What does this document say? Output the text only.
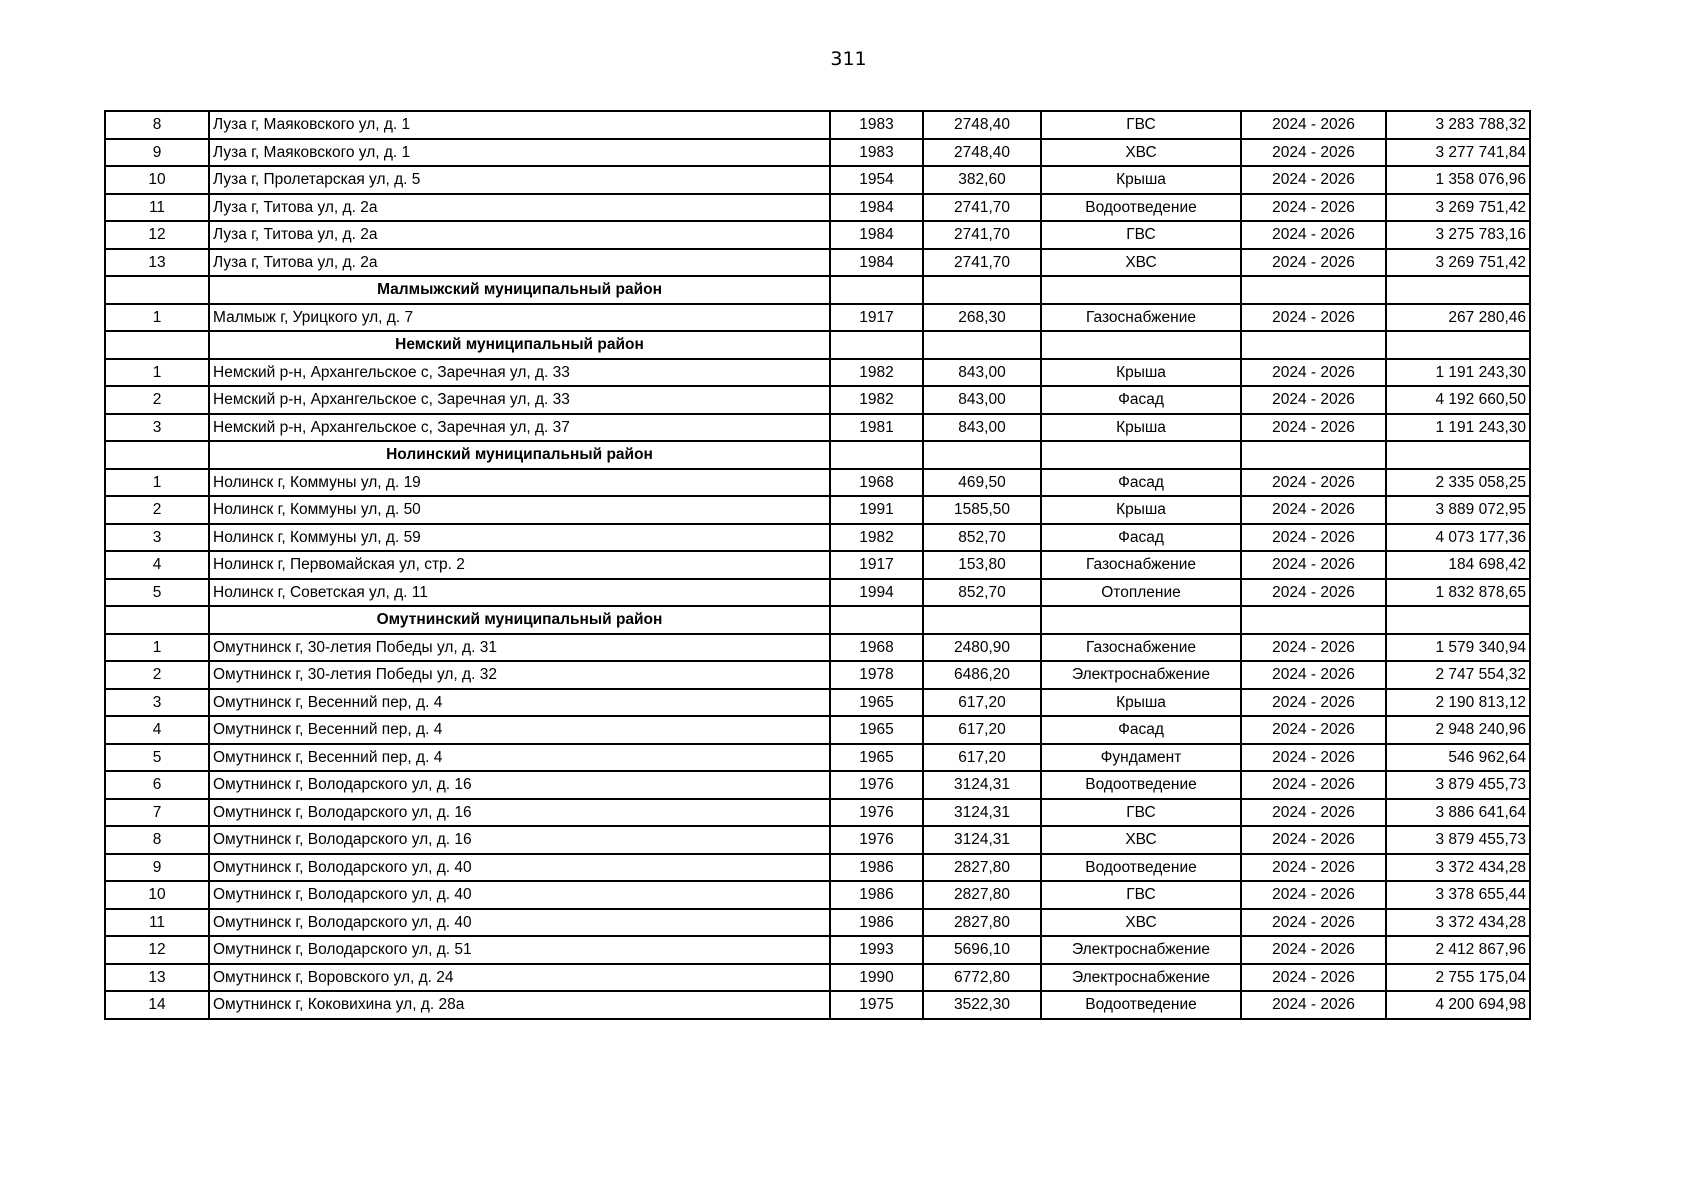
311
8	Луза г, Маяковского ул, д. 1	1983	2748,40	ГВС	2024 - 2026	3 283 788,32
9	Луза г, Маяковского ул, д. 1	1983	2748,40	ХВС	2024 - 2026	3 277 741,84
10	Луза г, Пролетарская ул, д. 5	1954	382,60	Крыша	2024 - 2026	1 358 076,96
11	Луза г, Титова ул, д. 2а	1984	2741,70	Водоотведение	2024 - 2026	3 269 751,42
12	Луза г, Титова ул, д. 2а	1984	2741,70	ГВС	2024 - 2026	3 275 783,16
13	Луза г, Титова ул, д. 2а	1984	2741,70	ХВС	2024 - 2026	3 269 751,42
	Малмыжский муниципальный район					
1	Малмыж г, Урицкого ул, д. 7	1917	268,30	Газоснабжение	2024 - 2026	267 280,46
	Немский муниципальный район					
1	Немский р-н, Архангельское с, Заречная ул, д. 33	1982	843,00	Крыша	2024 - 2026	1 191 243,30
2	Немский р-н, Архангельское с, Заречная ул, д. 33	1982	843,00	Фасад	2024 - 2026	4 192 660,50
3	Немский р-н, Архангельское с, Заречная ул, д. 37	1981	843,00	Крыша	2024 - 2026	1 191 243,30
	Нолинский муниципальный район					
1	Нолинск г, Коммуны ул, д. 19	1968	469,50	Фасад	2024 - 2026	2 335 058,25
2	Нолинск г, Коммуны ул, д. 50	1991	1585,50	Крыша	2024 - 2026	3 889 072,95
3	Нолинск г, Коммуны ул, д. 59	1982	852,70	Фасад	2024 - 2026	4 073 177,36
4	Нолинск г, Первомайская ул, стр. 2	1917	153,80	Газоснабжение	2024 - 2026	184 698,42
5	Нолинск г, Советская ул, д. 11	1994	852,70	Отопление	2024 - 2026	1 832 878,65
	Омутнинский муниципальный район					
1	Омутнинск г, 30-летия Победы ул, д. 31	1968	2480,90	Газоснабжение	2024 - 2026	1 579 340,94
2	Омутнинск г, 30-летия Победы ул, д. 32	1978	6486,20	Электроснабжение	2024 - 2026	2 747 554,32
3	Омутнинск г, Весенний пер, д. 4	1965	617,20	Крыша	2024 - 2026	2 190 813,12
4	Омутнинск г, Весенний пер, д. 4	1965	617,20	Фасад	2024 - 2026	2 948 240,96
5	Омутнинск г, Весенний пер, д. 4	1965	617,20	Фундамент	2024 - 2026	546 962,64
6	Омутнинск г, Володарского ул, д. 16	1976	3124,31	Водоотведение	2024 - 2026	3 879 455,73
7	Омутнинск г, Володарского ул, д. 16	1976	3124,31	ГВС	2024 - 2026	3 886 641,64
8	Омутнинск г, Володарского ул, д. 16	1976	3124,31	ХВС	2024 - 2026	3 879 455,73
9	Омутнинск г, Володарского ул, д. 40	1986	2827,80	Водоотведение	2024 - 2026	3 372 434,28
10	Омутнинск г, Володарского ул, д. 40	1986	2827,80	ГВС	2024 - 2026	3 378 655,44
11	Омутнинск г, Володарского ул, д. 40	1986	2827,80	ХВС	2024 - 2026	3 372 434,28
12	Омутнинск г, Володарского ул, д. 51	1993	5696,10	Электроснабжение	2024 - 2026	2 412 867,96
13	Омутнинск г, Воровского ул, д. 24	1990	6772,80	Электроснабжение	2024 - 2026	2 755 175,04
14	Омутнинск г, Коковихина ул, д. 28а	1975	3522,30	Водоотведение	2024 - 2026	4 200 694,98
